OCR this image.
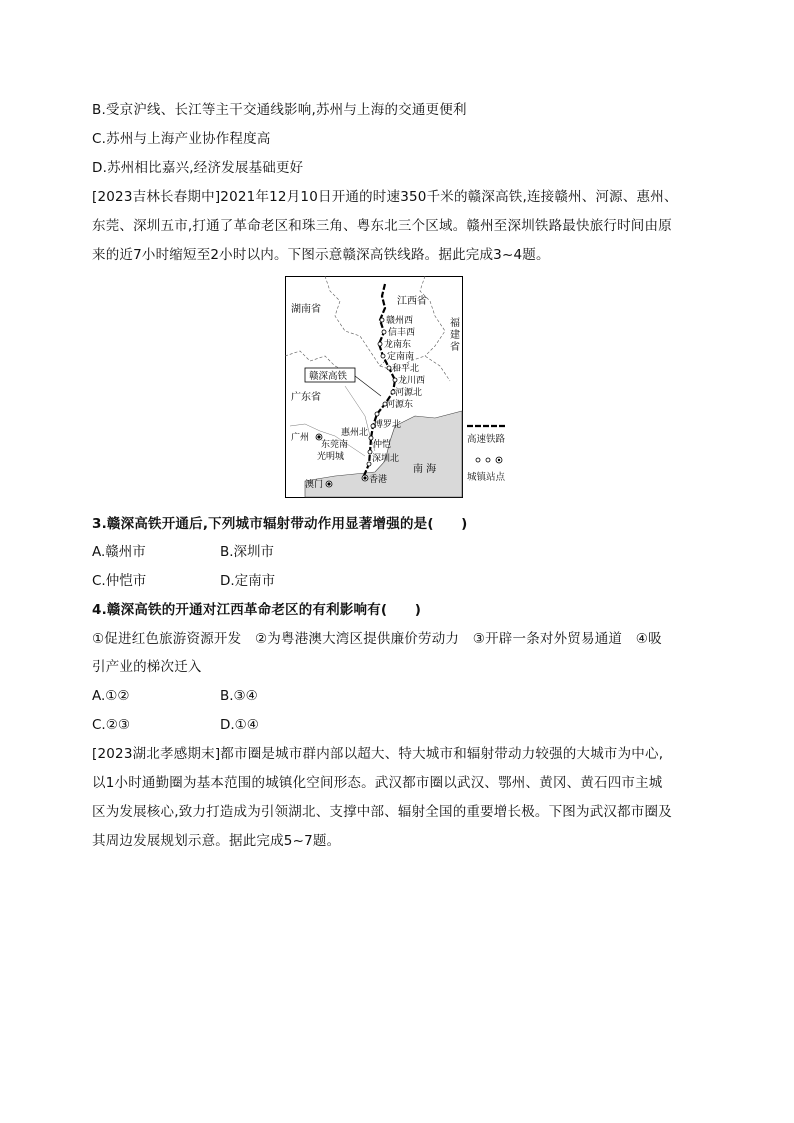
B.受京沪线、长江等主干交通线影响,苏州与上海的交通更便利
C.苏州与上海产业协作程度高
D.苏州相比嘉兴,经济发展基础更好
[2023吉林长春期中]2021年12月10日开通的时速350千米的赣深高铁,连接赣州、河源、惠州、
东莞、深圳五市,打通了革命老区和珠三角、粤东北三个区域。赣州至深圳铁路最快旅行时间由原
来的近7小时缩短至2小时以内。下图示意赣深高铁线路。据此完成3~4题。
湖南省
江西省
广东省
南 海
福
建
省
赣州西
信丰西
龙南东
定南南
和平北
龙川西
河源北
河源东
博罗北
惠州北
东莞南	仲恺
光明城	深圳北
广州
澳门	香港
赣深高铁
高速铁路
城镇站点
3.赣深高铁开通后,下列城市辐射带动作用显著增强的是(　　)
A.赣州市	B.深圳市
C.仲恺市	D.定南市
4.赣深高铁的开通对江西革命老区的有利影响有(　　)
①促进红色旅游资源开发　②为粤港澳大湾区提供廉价劳动力　③开辟一条对外贸易通道　④吸
引产业的梯次迁入
A.①②	B.③④
C.②③	D.①④
[2023湖北孝感期末]都市圈是城市群内部以超大、特大城市和辐射带动力较强的大城市为中心,
以1小时通勤圈为基本范围的城镇化空间形态。武汉都市圈以武汉、鄂州、黄冈、黄石四市主城
区为发展核心,致力打造成为引领湖北、支撑中部、辐射全国的重要增长极。下图为武汉都市圈及
其周边发展规划示意。据此完成5~7题。
